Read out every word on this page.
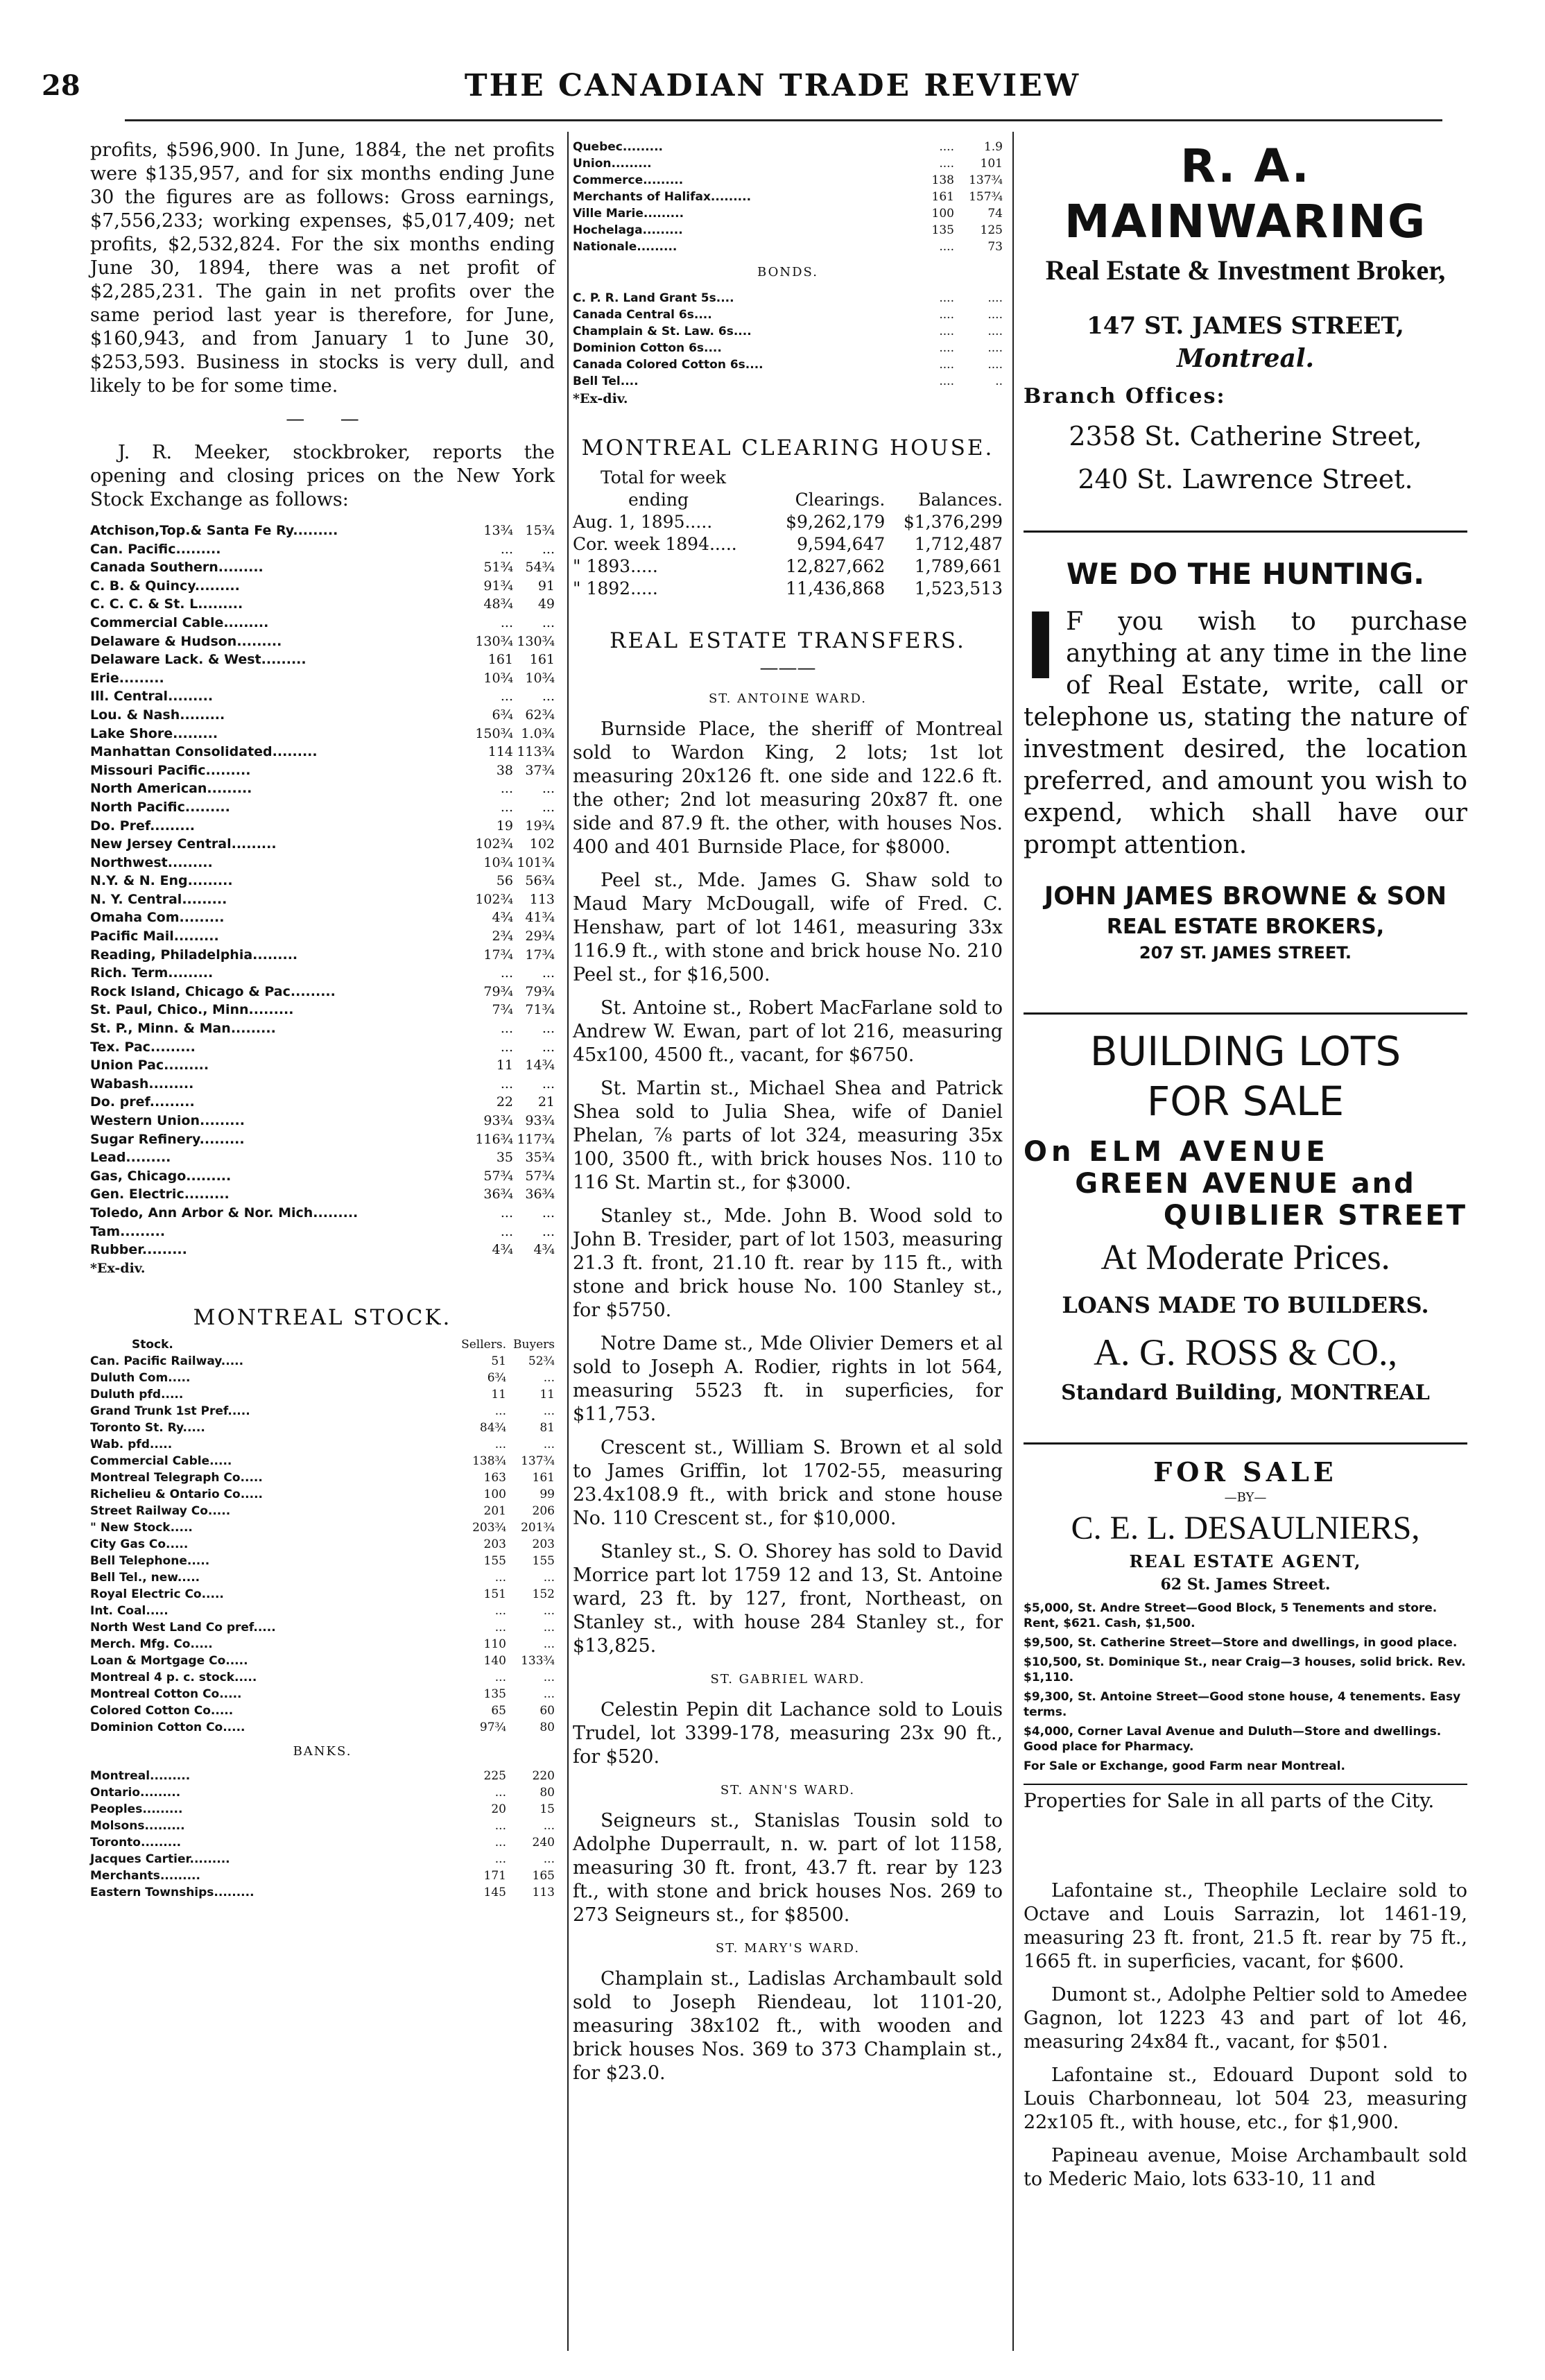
28	THE CANADIAN TRADE REVIEW

profits, $596,900. In June, 1884, the net profits were $135,957, and for six months ending June 30 the figures are as follows: Gross earnings, $7,556,233; working expenses, $5,017,409; net profits, $2,532,824. For the six months ending June 30, 1894, there was a net profit of $2,285,231. The gain in net profits over the same period last year is therefore, for June, $160,943, and from January 1 to June 30, $253,593. Business in stocks is very dull, and likely to be for some time.

—      —

J. R. Meeker, stockbroker, reports the opening and closing prices on the New York Stock Exchange as follows:

Atchison,Top.& Santa Fe Ry.........	13¾	15¾
Can. Pacific.........	...	...
Canada Southern.........	51¾	54¾
C. B. & Quincy.........	91¾	91
C. C. C. & St. L.........	48¾	49
Commercial Cable.........	...	...
Delaware & Hudson.........	130¾	130¾
Delaware Lack. & West.........	161	161
Erie.........	10¾	10¾
Ill. Central.........	...	...
Lou. & Nash.........	6¾	62¾
Lake Shore.........	150¾	1.0¾
Manhattan Consolidated.........	114	113¾
Missouri Pacific.........	38	37¾
North American.........	...	...
North Pacific.........	...	...
Do. Pref.........	19	19¾
New Jersey Central.........	102¾	102
Northwest.........	10¾	101¾
N.Y. & N. Eng.........	56	56¾
N. Y. Central.........	102¾	113
Omaha Com.........	4¾	41¾
Pacific Mail.........	2¾	29¾
Reading, Philadelphia.........	17¾	17¾
Rich. Term.........	...	...
Rock Island, Chicago & Pac.........	79¾	79¾
St. Paul, Chico., Minn.........	7¾	71¾
St. P., Minn. & Man.........	...	...
Tex. Pac.........	...	...
Union Pac.........	11	14¾
Wabash.........	...	...
Do. pref.........	22	21
Western Union.........	93¾	93¾
Sugar Refinery.........	116¾	117¾
Lead.........	35	35¾
Gas, Chicago.........	57¾	57¾
Gen. Electric.........	36¾	36¾
Toledo, Ann Arbor & Nor. Mich.........	...	...
Tam.........	...	...
Rubber.........	4¾	4¾
*Ex-div.
MONTREAL STOCK.
Stock.	Sellers.	Buyers
Can. Pacific Railway.....	51	52¾
Duluth Com.....	6¾	...
Duluth pfd.....	11	11
Grand Trunk 1st Pref.....	...	...
Toronto St. Ry.....	84¾	81
Wab. pfd.....	...	...
Commercial Cable.....	138¾	137¾
Montreal Telegraph Co.....	163	161
Richelieu & Ontario Co.....	100	99
Street Railway Co.....	201	206
" New Stock.....	203¾	201¾
City Gas Co.....	203	203
Bell Telephone.....	155	155
Bell Tel., new.....	...	...
Royal Electric Co.....	151	152
Int. Coal.....	...	...
North West Land Co pref.....	...	...
Merch. Mfg. Co.....	110	...
Loan & Mortgage Co.....	140	133¾
Montreal 4 p. c. stock.....	...	...
Montreal Cotton Co.....	135	...
Colored Cotton Co.....	65	60
Dominion Cotton Co.....	97¾	80
BANKS.
Montreal.........	225	220
Ontario.........	...	80
Peoples.........	20	15
Molsons.........	...	...
Toronto.........	...	240
Jacques Cartier.........	...	...
Merchants.........	171	165
Eastern Townships.........	145	113
Quebec.........	....	1.9
Union.........	....	101
Commerce.........	138	137¾
Merchants of Halifax.........	161	157¾
Ville Marie.........	100	74
Hochelaga.........	135	125
Nationale.........	....	73
BONDS.
C. P. R. Land Grant 5s....	....	....
Canada Central 6s....	....	....
Champlain & St. Law. 6s....	....	....
Dominion Cotton 6s....	....	....
Canada Colored Cotton 6s....	....	....
Bell Tel....	....	..
*Ex-div.
MONTREAL CLEARING HOUSE.
Total for week		
ending	Clearings.	Balances.
Aug. 1, 1895.....	$9,262,179	$1,376,299
Cor. week 1894.....	9,594,647	1,712,487
" 1893.....	12,827,662	1,789,661
" 1892.....	11,436,868	1,523,513
REAL ESTATE TRANSFERS.
———
ST. ANTOINE WARD.

Burnside Place, the sheriff of Montreal sold to Wardon King, 2 lots; 1st lot measuring 20x126 ft. one side and 122.6 ft. the other; 2nd lot measuring 20x87 ft. one side and 87.9 ft. the other, with houses Nos. 400 and 401 Burnside Place, for $8000.

Peel st., Mde. James G. Shaw sold to Maud Mary McDougall, wife of Fred. C. Henshaw, part of lot 1461, measuring 33x 116.9 ft., with stone and brick house No. 210 Peel st., for $16,500.

St. Antoine st., Robert MacFarlane sold to Andrew W. Ewan, part of lot 216, measuring 45x100, 4500 ft., vacant, for $6750.

St. Martin st., Michael Shea and Patrick Shea sold to Julia Shea, wife of Daniel Phelan, ⅞ parts of lot 324, measuring 35x 100, 3500 ft., with brick houses Nos. 110 to 116 St. Martin st., for $3000.

Stanley st., Mde. John B. Wood sold to John B. Tresider, part of lot 1503, measuring 21.3 ft. front, 21.10 ft. rear by 115 ft., with stone and brick house No. 100 Stanley st., for $5750.

Notre Dame st., Mde Olivier Demers et al sold to Joseph A. Rodier, rights in lot 564, measuring 5523 ft. in superficies, for $11,753.

Crescent st., William S. Brown et al sold to James Griffin, lot 1702-55, measuring 23.4x108.9 ft., with brick and stone house No. 110 Crescent st., for $10,000.

Stanley st., S. O. Shorey has sold to David Morrice part lot 1759 12 and 13, St. Antoine ward, 23 ft. by 127, front, Northeast, on Stanley st., with house 284 Stanley st., for $13,825.

ST. GABRIEL WARD.

Celestin Pepin dit Lachance sold to Louis Trudel, lot 3399-178, measuring 23x 90 ft., for $520.

ST. ANN'S WARD.

Seigneurs st., Stanislas Tousin sold to Adolphe Duperrault, n. w. part of lot 1158, measuring 30 ft. front, 43.7 ft. rear by 123 ft., with stone and brick houses Nos. 269 to 273 Seigneurs st., for $8500.

ST. MARY'S WARD.

Champlain st., Ladislas Archambault sold sold to Joseph Riendeau, lot 1101-20, measuring 38x102 ft., with wooden and brick houses Nos. 369 to 373 Champlain st., for $23.0.

R. A. MAINWARING
Real Estate & Investment Broker,
147 ST. JAMES STREET,
Montreal.
Branch Offices:
2358 St. Catherine Street,
240 St. Lawrence Street.
WE DO THE HUNTING.
I F you wish to purchase anything at any time in the line of Real Estate, write, call or telephone us, stating the nature of investment desired, the location preferred, and amount you wish to expend, which shall have our prompt attention.
JOHN JAMES BROWNE & SON
REAL ESTATE BROKERS,
207 ST. JAMES STREET.
BUILDING LOTS
FOR SALE
On ELM AVENUE
GREEN AVENUE and
QUIBLIER STREET
At Moderate Prices.
LOANS MADE TO BUILDERS.
A. G. ROSS & CO.,
Standard Building, MONTREAL
FOR SALE
—BY—
C. E. L. DESAULNIERS,
REAL ESTATE AGENT,
62 St. James Street.
$5,000, St. Andre Street—Good Block, 5 Tenements and store. Rent, $621. Cash, $1,500.
$9,500, St. Catherine Street—Store and dwellings, in good place.
$10,500, St. Dominique St., near Craig—3 houses, solid brick. Rev. $1,110.
$9,300, St. Antoine Street—Good stone house, 4 tenements. Easy terms.
$4,000, Corner Laval Avenue and Duluth—Store and dwellings. Good place for Pharmacy.
For Sale or Exchange, good Farm near Montreal.
Properties for Sale in all parts of the City.

Lafontaine st., Theophile Leclaire sold to Octave and Louis Sarrazin, lot 1461-19, measuring 23 ft. front, 21.5 ft. rear by 75 ft., 1665 ft. in superficies, vacant, for $600.

Dumont st., Adolphe Peltier sold to Amedee Gagnon, lot 1223 43 and part of lot 46, measuring 24x84 ft., vacant, for $501.

Lafontaine st., Edouard Dupont sold to Louis Charbonneau, lot 504 23, measuring 22x105 ft., with house, etc., for $1,900.

Papineau avenue, Moise Archambault sold to Mederic Maio, lots 633-10, 11 and
